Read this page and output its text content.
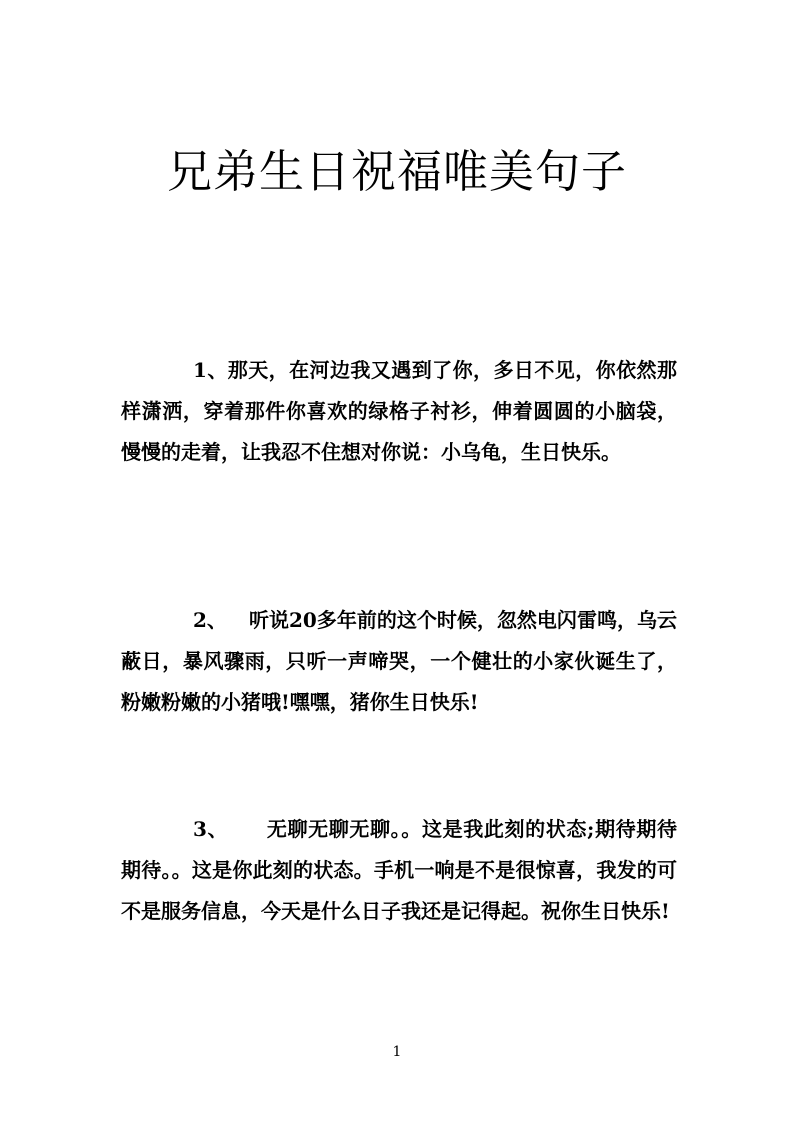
兄弟生日祝福唯美句子

1、那天，在河边我又遇到了你，多日不见，你依然那样潇洒，穿着那件你喜欢的绿格子衬衫，伸着圆圆的小脑袋，慢慢的走着，让我忍不住想对你说：小乌龟，生日快乐。

2、 听说20多年前的这个时候，忽然电闪雷鸣，乌云蔽日，暴风骤雨，只听一声啼哭，一个健壮的小家伙诞生了，粉嫩粉嫩的小猪哦!嘿嘿，猪你生日快乐!

3、 无聊无聊无聊。。这是我此刻的状态;期待期待期待。。这是你此刻的状态。手机一响是不是很惊喜，我发的可不是服务信息，今天是什么日子我还是记得起。祝你生日快乐!

1
